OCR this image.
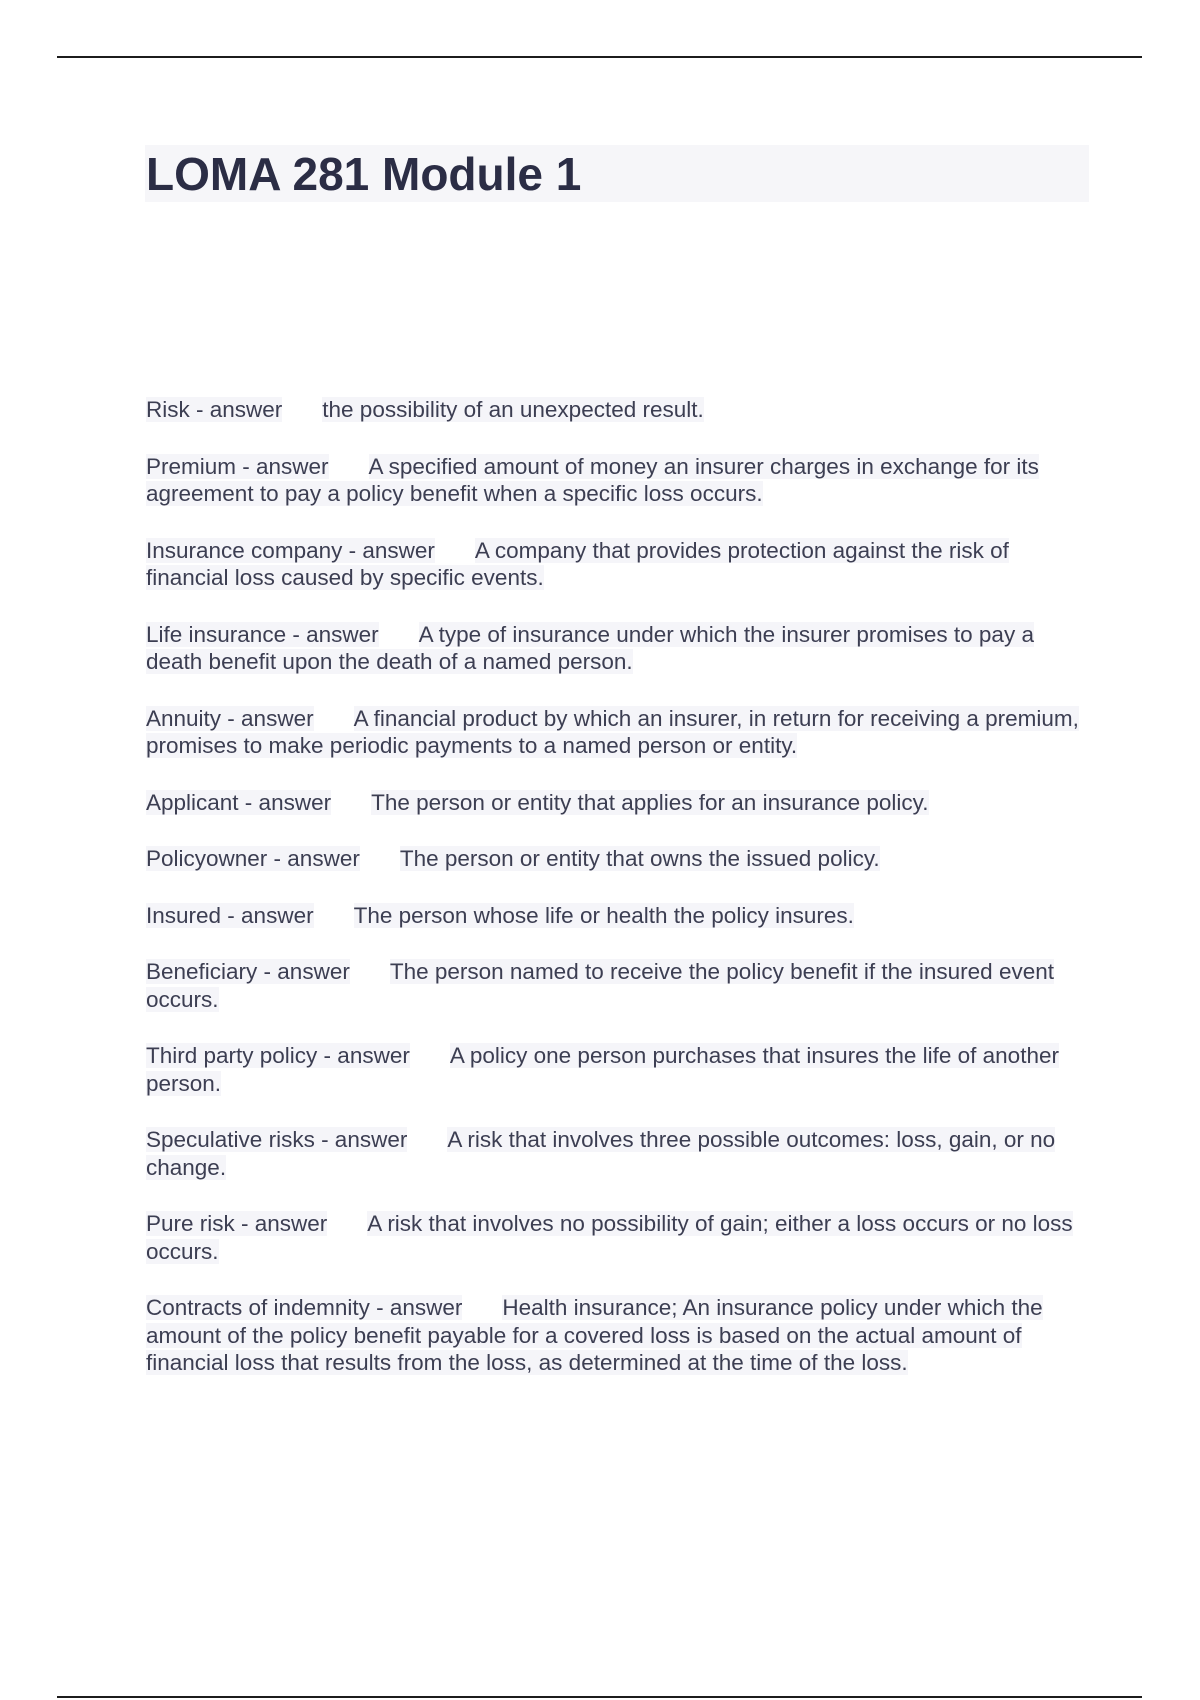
LOMA 281 Module 1
Risk - answer the possibility of an unexpected result.
Premium - answer A specified amount of money an insurer charges in exchange for its agreement to pay a policy benefit when a specific loss occurs.
Insurance company - answer A company that provides protection against the risk of financial loss caused by specific events.
Life insurance - answer A type of insurance under which the insurer promises to pay a death benefit upon the death of a named person.
Annuity - answer A financial product by which an insurer, in return for receiving a premium, promises to make periodic payments to a named person or entity.
Applicant - answer The person or entity that applies for an insurance policy.
Policyowner - answer The person or entity that owns the issued policy.
Insured - answer The person whose life or health the policy insures.
Beneficiary - answer The person named to receive the policy benefit if the insured event occurs.
Third party policy - answer A policy one person purchases that insures the life of another person.
Speculative risks - answer A risk that involves three possible outcomes: loss, gain, or no change.
Pure risk - answer A risk that involves no possibility of gain; either a loss occurs or no loss occurs.
Contracts of indemnity - answer Health insurance; An insurance policy under which the amount of the policy benefit payable for a covered loss is based on the actual amount of financial loss that results from the loss, as determined at the time of the loss.
